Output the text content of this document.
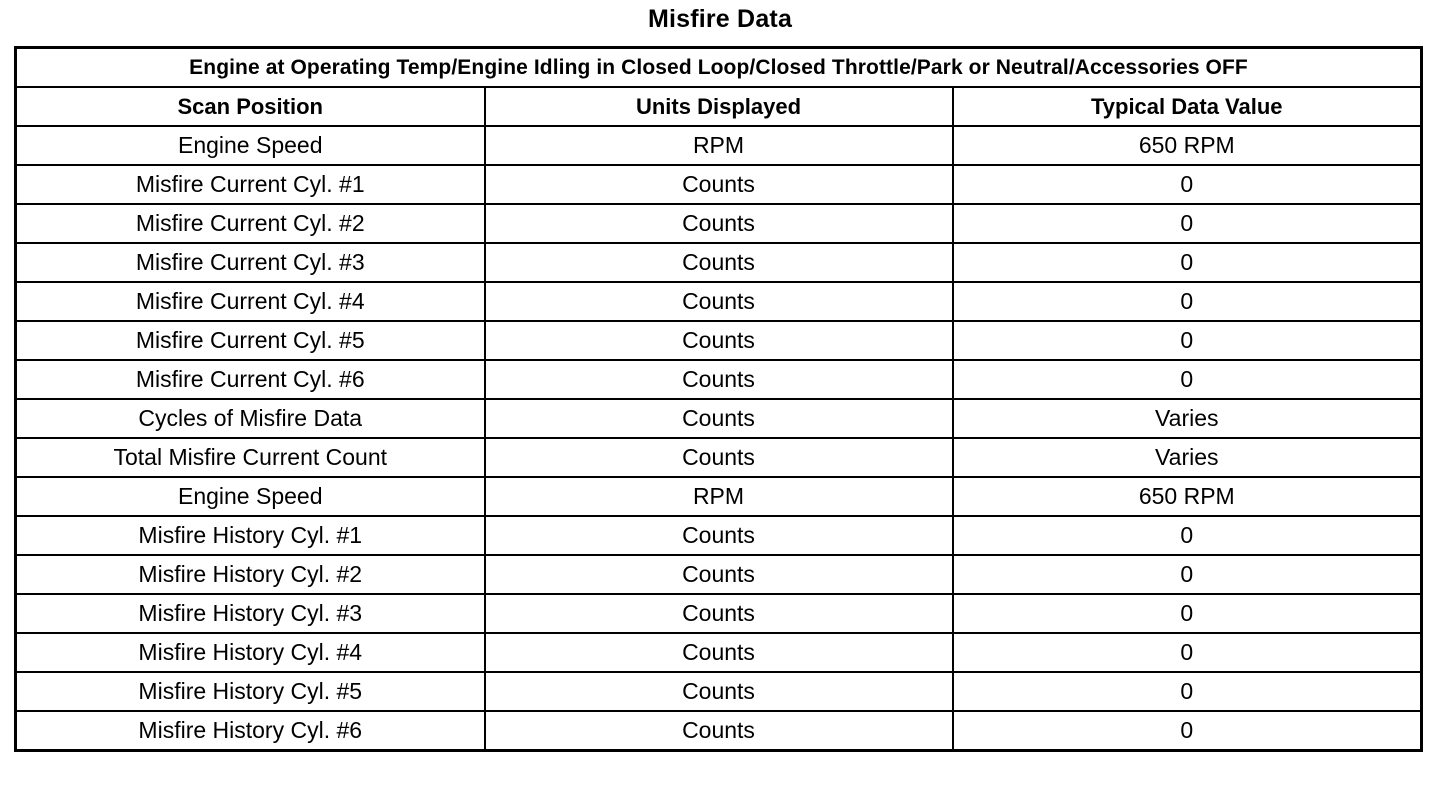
Misfire Data
Engine at Operating Temp/Engine Idling in Closed Loop/Closed Throttle/Park or Neutral/Accessories OFF		
Scan Position	Units Displayed	Typical Data Value
Engine Speed	RPM	650 RPM
Misfire Current Cyl. #1	Counts	0
Misfire Current Cyl. #2	Counts	0
Misfire Current Cyl. #3	Counts	0
Misfire Current Cyl. #4	Counts	0
Misfire Current Cyl. #5	Counts	0
Misfire Current Cyl. #6	Counts	0
Cycles of Misfire Data	Counts	Varies
Total Misfire Current Count	Counts	Varies
Engine Speed	RPM	650 RPM
Misfire History Cyl. #1	Counts	0
Misfire History Cyl. #2	Counts	0
Misfire History Cyl. #3	Counts	0
Misfire History Cyl. #4	Counts	0
Misfire History Cyl. #5	Counts	0
Misfire History Cyl. #6	Counts	0
